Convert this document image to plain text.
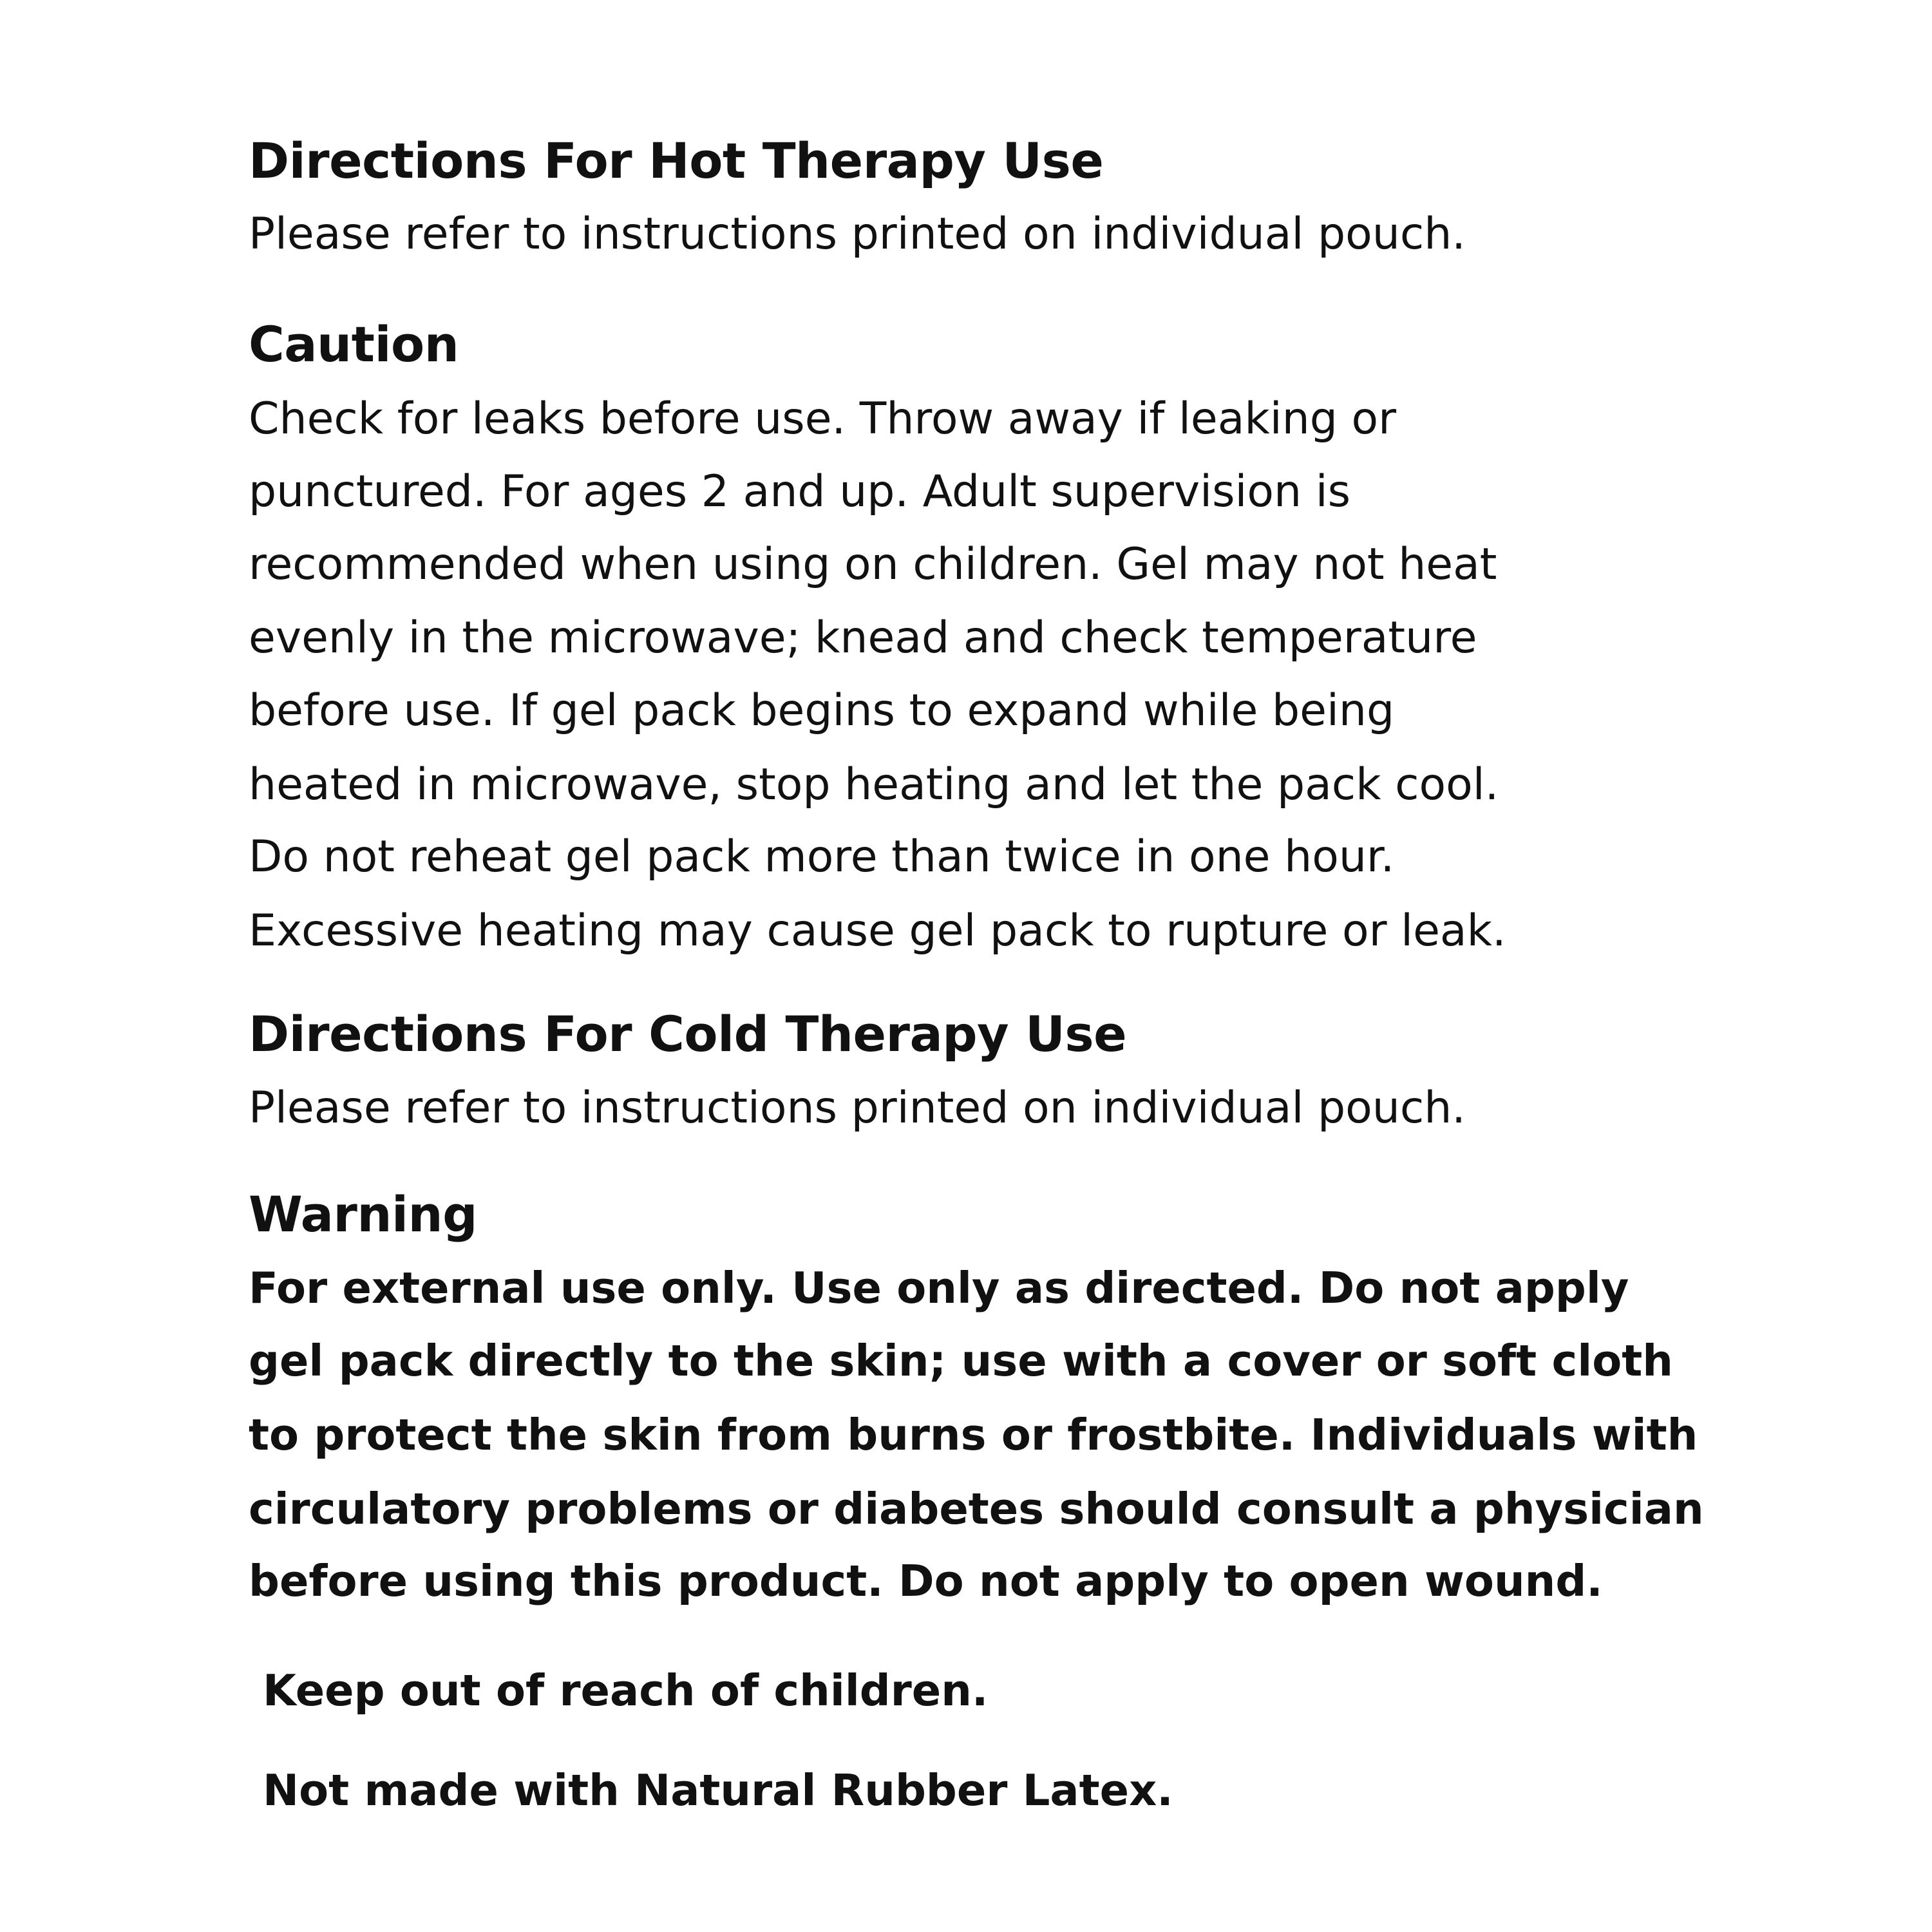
Directions For Hot Therapy Use

Please refer to instructions printed on individual pouch.

Caution

Check for leaks before use. Throw away if leaking or

punctured. For ages 2 and up. Adult supervision is

recommended when using on children. Gel may not heat

evenly in the microwave; knead and check temperature

before use. If gel pack begins to expand while being

heated in microwave, stop heating and let the pack cool.

Do not reheat gel pack more than twice in one hour.

Excessive heating may cause gel pack to rupture or leak.

Directions For Cold Therapy Use

Please refer to instructions printed on individual pouch.

Warning

For external use only. Use only as directed. Do not apply

gel pack directly to the skin; use with a cover or soft cloth

to protect the skin from burns or frostbite. Individuals with

circulatory problems or diabetes should consult a physician

before using this product. Do not apply to open wound.

Keep out of reach of children.

Not made with Natural Rubber Latex.
